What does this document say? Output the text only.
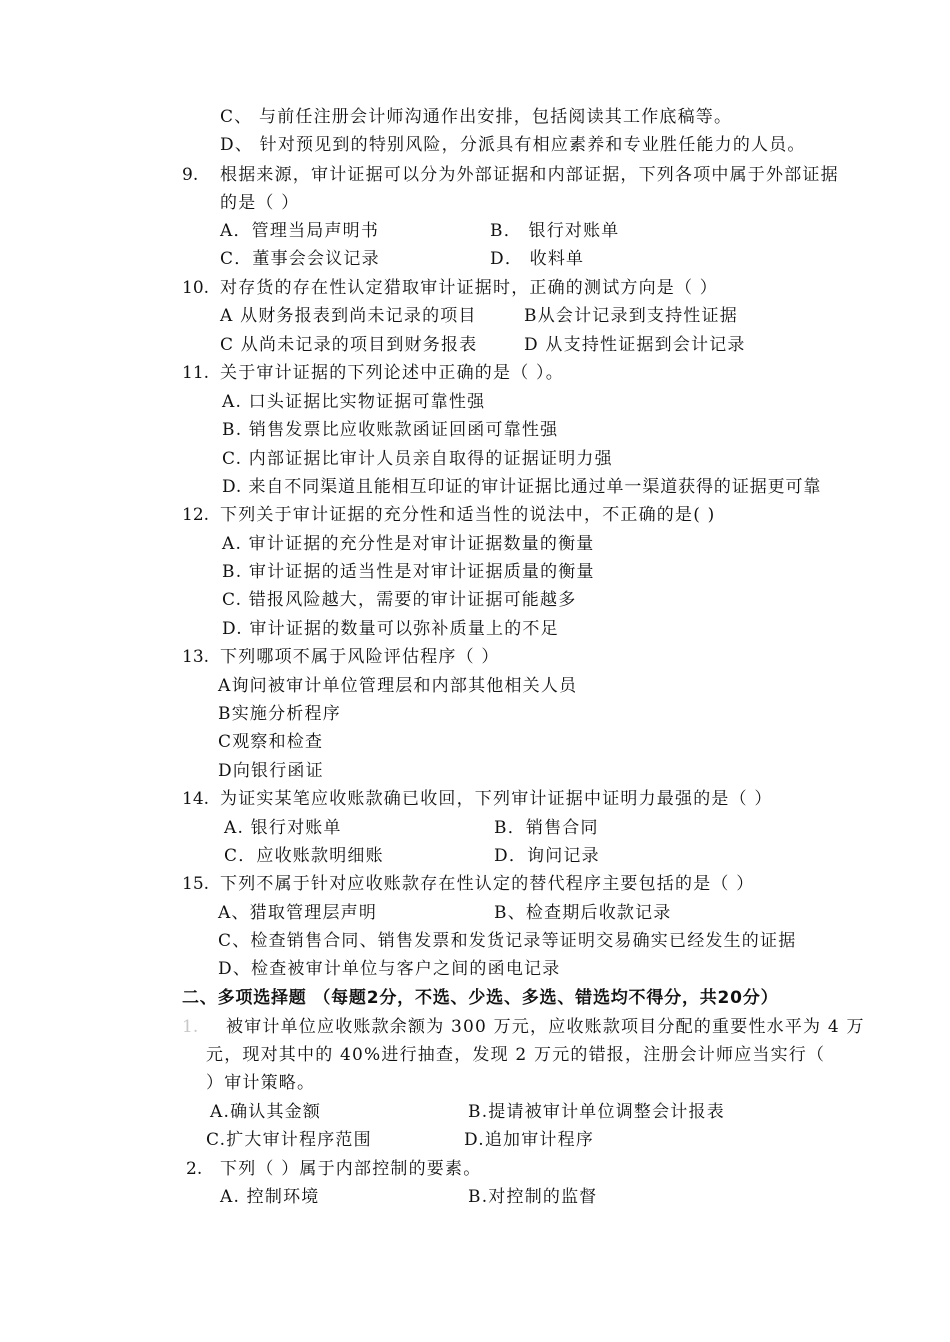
C、 与前任注册会计师沟通作出安排，包括阅读其工作底稿等。
D、 针对预见到的特别风险，分派具有相应素养和专业胜任能力的人员。
9. 根据来源，审计证据可以分为外部证据和内部证据，下列各项中属于外部证据
的是（ ）
A．管理当局声明书	B． 银行对账单
C．董事会会议记录	D． 收料单
10. 对存货的存在性认定猎取审计证据时，正确的测试方向是（ ）
A 从财务报表到尚未记录的项目	B从会计记录到支持性证据
C 从尚未记录的项目到财务报表	D 从支持性证据到会计记录
11. 关于审计证据的下列论述中正确的是（ ）。
A. 口头证据比实物证据可靠性强
B. 销售发票比应收账款函证回函可靠性强
C. 内部证据比审计人员亲自取得的证据证明力强
D. 来自不同渠道且能相互印证的审计证据比通过单一渠道获得的证据更可靠
12. 下列关于审计证据的充分性和适当性的说法中，不正确的是( )
A. 审计证据的充分性是对审计证据数量的衡量
B. 审计证据的适当性是对审计证据质量的衡量
C. 错报风险越大，需要的审计证据可能越多
D. 审计证据的数量可以弥补质量上的不足
13. 下列哪项不属于风险评估程序（ ）
A询问被审计单位管理层和内部其他相关人员
B实施分析程序
C观察和检查
D向银行函证
14. 为证实某笔应收账款确已收回，下列审计证据中证明力最强的是（ ）
A. 银行对账单	B．销售合同
C．应收账款明细账	D．询问记录
15. 下列不属于针对应收账款存在性认定的替代程序主要包括的是（ ）
A、猎取管理层声明	B、检查期后收款记录
C、检查销售合同、销售发票和发货记录等证明交易确实已经发生的证据
D、检查被审计单位与客户之间的函电记录
二、多项选择题 （每题2分，不选、少选、多选、错选均不得分，共20分）
1. 被审计单位应收账款余额为 300 万元，应收账款项目分配的重要性水平为 4 万
元，现对其中的 40%进行抽查，发现 2 万元的错报，注册会计师应当实行（
）审计策略。
A.确认其金额	B.提请被审计单位调整会计报表
C.扩大审计程序范围	D.追加审计程序
2. 下列（ ）属于内部控制的要素。
A. 控制环境	B.对控制的监督
